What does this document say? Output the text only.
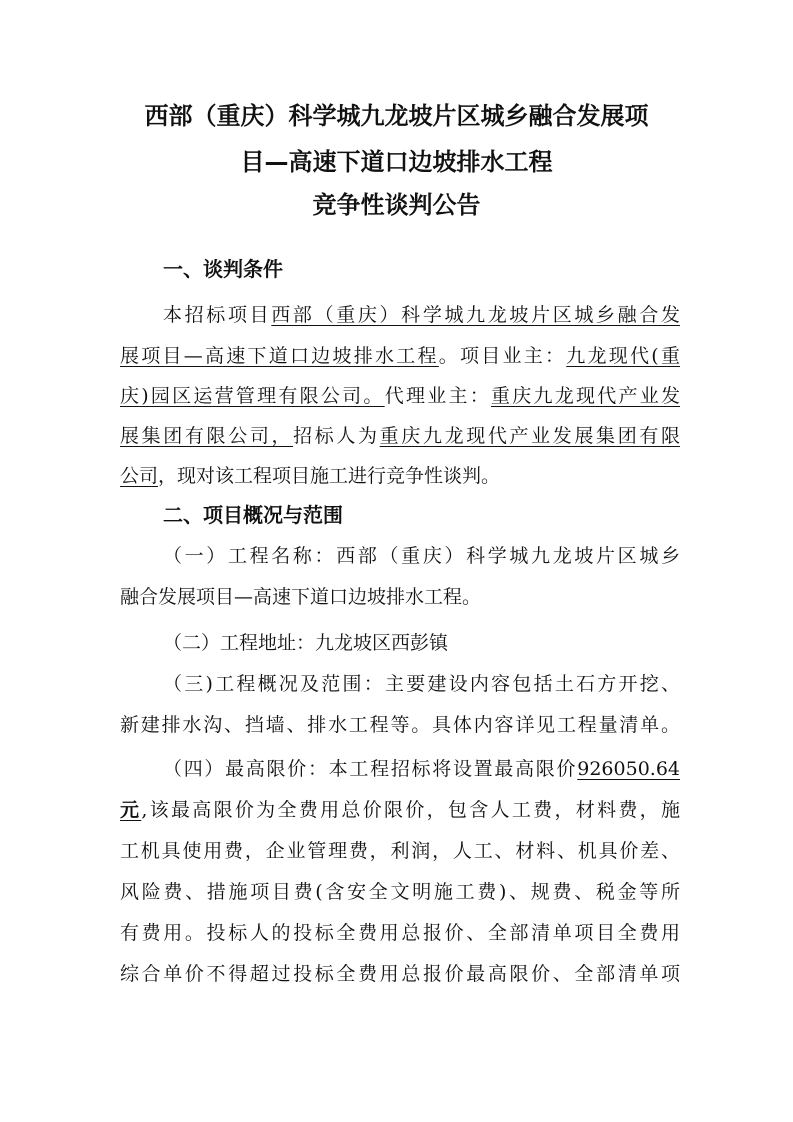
西部（重庆）科学城九龙坡片区城乡融合发展项
目—高速下道口边坡排水工程
竞争性谈判公告
一、谈判条件
本招标项目西部（重庆）科学城九龙坡片区城乡融合发
展项目—高速下道口边坡排水工程。项目业主：九龙现代(重
庆)园区运营管理有限公司。代理业主：重庆九龙现代产业发
展集团有限公司，招标人为重庆九龙现代产业发展集团有限
公司，现对该工程项目施工进行竞争性谈判。
二、项目概况与范围
（一）工程名称：西部（重庆）科学城九龙坡片区城乡
融合发展项目—高速下道口边坡排水工程。
（二）工程地址：九龙坡区西彭镇
（三)工程概况及范围：主要建设内容包括土石方开挖、
新建排水沟、挡墙、排水工程等。具体内容详见工程量清单。
（四）最高限价：本工程招标将设置最高限价926050.64
元,该最高限价为全费用总价限价，包含人工费，材料费，施
工机具使用费，企业管理费，利润，人工、材料、机具价差、
风险费、措施项目费(含安全文明施工费)、规费、税金等所
有费用。投标人的投标全费用总报价、全部清单项目全费用
综合单价不得超过投标全费用总报价最高限价、全部清单项
